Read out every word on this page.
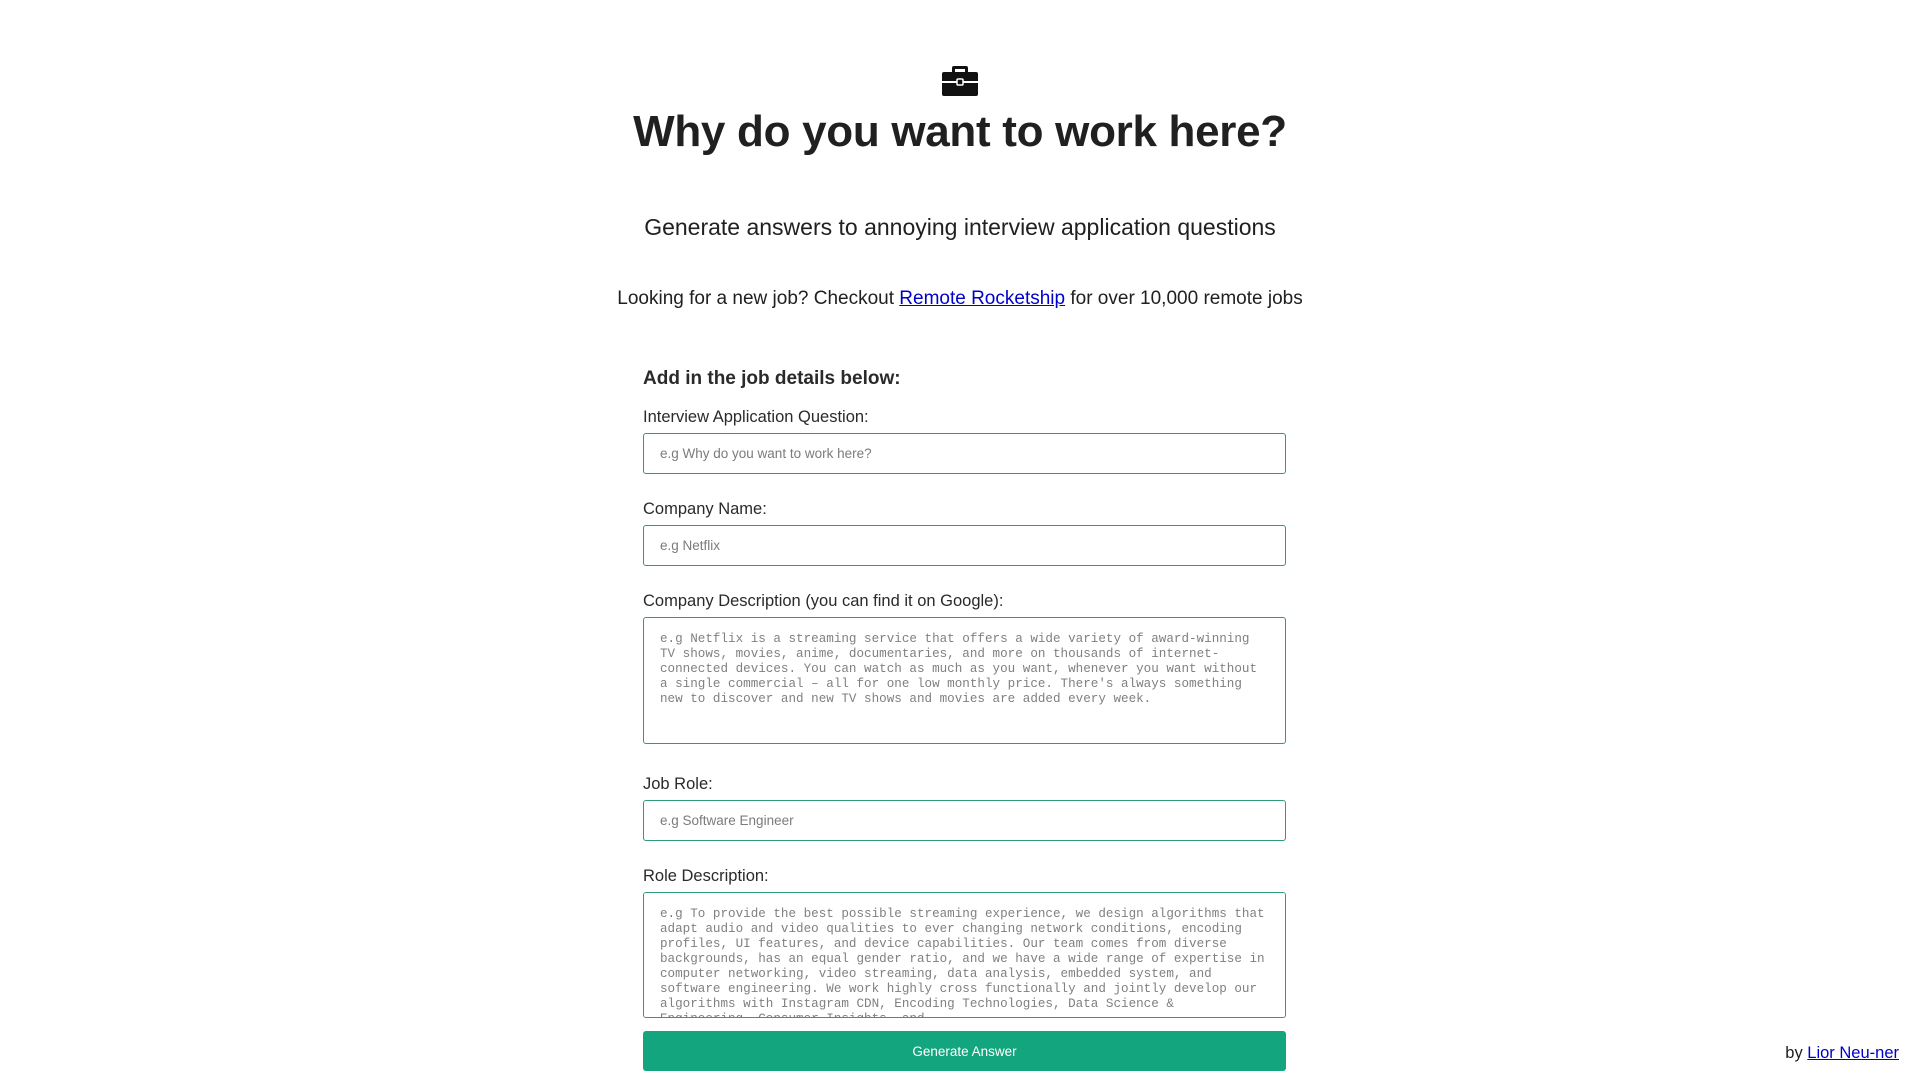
Why do you want to work here?
Generate answers to annoying interview application questions
Looking for a new job? Checkout Remote Rocketship for over 10,000 remote jobs
Add in the job details below:
Interview Application Question:
e.g Why do you want to work here?
Company Name:
e.g Netflix
Company Description (you can find it on Google):
e.g Netflix is a streaming service that offers a wide variety of award-winning TV shows, movies, anime, documentaries, and more on thousands of internet-connected devices. You can watch as much as you want, whenever you want without a single commercial – all for one low monthly price. There's always something new to discover and new TV shows and movies are added every week.
Job Role:
e.g Software Engineer
Role Description:
e.g To provide the best possible streaming experience, we design algorithms that adapt audio and video qualities to ever changing network conditions, encoding profiles, UI features, and device capabilities. Our team comes from diverse backgrounds, has an equal gender ratio, and we have a wide range of expertise in computer networking, video streaming, data analysis, embedded system, and software engineering. We work highly cross functionally and jointly develop our algorithms with Instagram CDN, Encoding Technologies, Data Science & Engineering, Consumer Insights, and
Generate Answer	by Lior Neu-ner
